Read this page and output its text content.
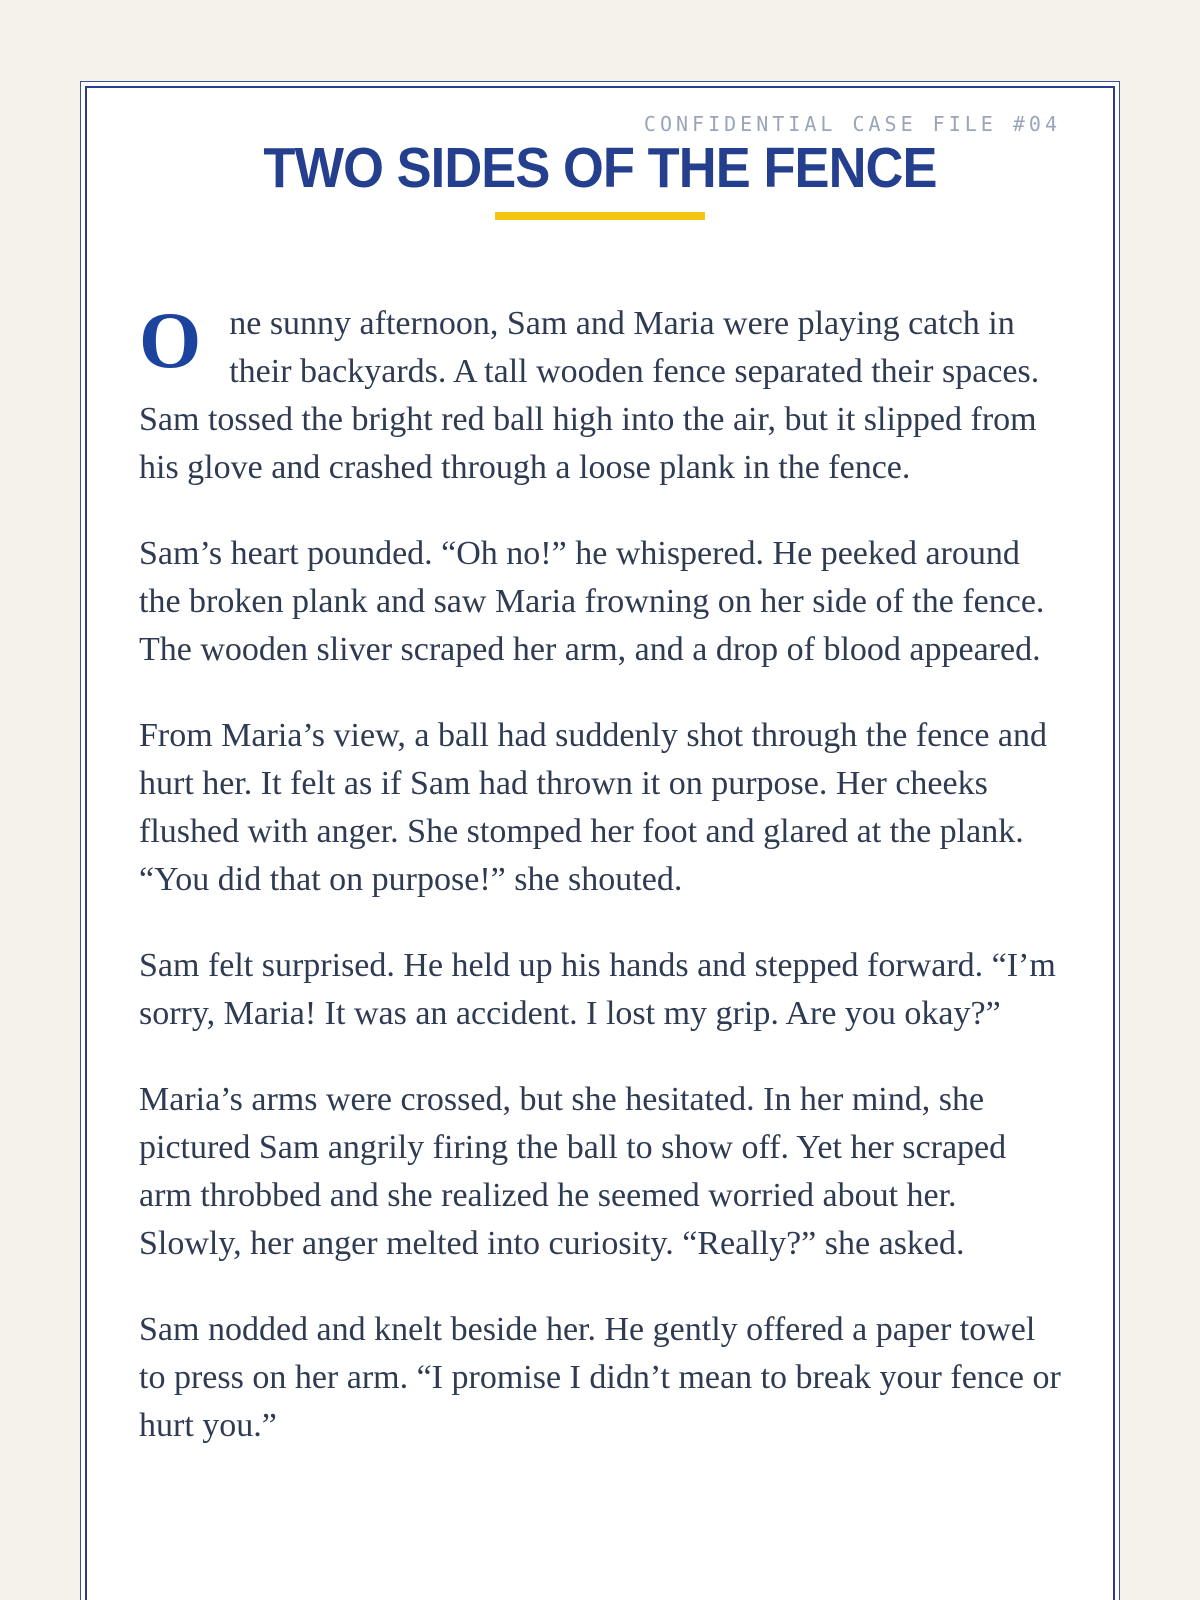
CONFIDENTIAL CASE FILE #04
TWO SIDES OF THE FENCE

One sunny afternoon, Sam and Maria were playing catch in their backyards. A tall wooden fence separated their spaces. Sam tossed the bright red ball high into the air, but it slipped from his glove and crashed through a loose plank in the fence.

Sam’s heart pounded. “Oh no!” he whispered. He peeked around the broken plank and saw Maria frowning on her side of the fence. The wooden sliver scraped her arm, and a drop of blood appeared.

From Maria’s view, a ball had suddenly shot through the fence and hurt her. It felt as if Sam had thrown it on purpose. Her cheeks flushed with anger. She stomped her foot and glared at the plank. “You did that on purpose!” she shouted.

Sam felt surprised. He held up his hands and stepped forward. “I’m sorry, Maria! It was an accident. I lost my grip. Are you okay?”

Maria’s arms were crossed, but she hesitated. In her mind, she pictured Sam angrily firing the ball to show off. Yet her scraped arm throbbed and she realized he seemed worried about her. Slowly, her anger melted into curiosity. “Really?” she asked.

Sam nodded and knelt beside her. He gently offered a paper towel to press on her arm. “I promise I didn’t mean to break your fence or hurt you.”
